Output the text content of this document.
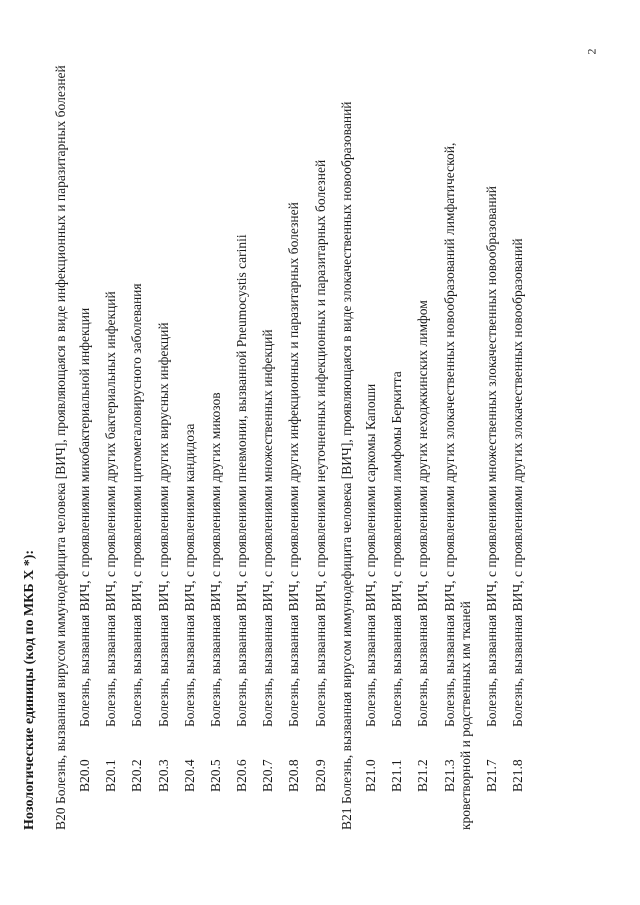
2
Нозологические единицы (код по МКБ X *): B20
Болезнь, вызванная вирусом иммунодефицита человека [ВИЧ], проявляющаяся в виде инфекционных и паразитарных болезней B20.0
Болезнь, вызванная ВИЧ, с проявлениями микобактериальной инфекции
B20.1
Болезнь, вызванная ВИЧ, с проявлениями других бактериальных инфекций
B20.2
Болезнь, вызванная ВИЧ, с проявлениями цитомегаловирусного заболевания
B20.3
Болезнь, вызванная ВИЧ, с проявлениями других вирусных инфекций
B20.4
Болезнь, вызванная ВИЧ, с проявлениями кандидоза
B20.5
Болезнь, вызванная ВИЧ, с проявлениями других микозов
B20.6
Болезнь, вызванная ВИЧ, с проявлениями пневмонии, вызванной Pneumocystis carinii
B20.7
Болезнь, вызванная ВИЧ, с проявлениями множественных инфекций
B20.8
Болезнь, вызванная ВИЧ, с проявлениями других инфекционных и паразитарных болезней
B20.9
Болезнь, вызванная ВИЧ, с проявлениями неуточненных инфекционных и паразитарных болезней
B21
Болезнь, вызванная вирусом иммунодефицита человека [ВИЧ], проявляющаяся в виде злокачественных новообразований B21.0
Болезнь, вызванная ВИЧ, с проявлениями саркомы Капоши
B21.1
Болезнь, вызванная ВИЧ, с проявлениями лимфомы Беркитта
B21.2
Болезнь, вызванная ВИЧ, с проявлениями других неходжкинских лимфом
B21.3Болезнь, вызванная ВИЧ, с проявлениями других злокачественных новообразований лимфатической, кроветворной и родственных им тканей B21.7
Болезнь, вызванная ВИЧ, с проявлениями множественных злокачественных новообразований
B21.8
Болезнь, вызванная ВИЧ, с проявлениями других злокачественных новообразований
